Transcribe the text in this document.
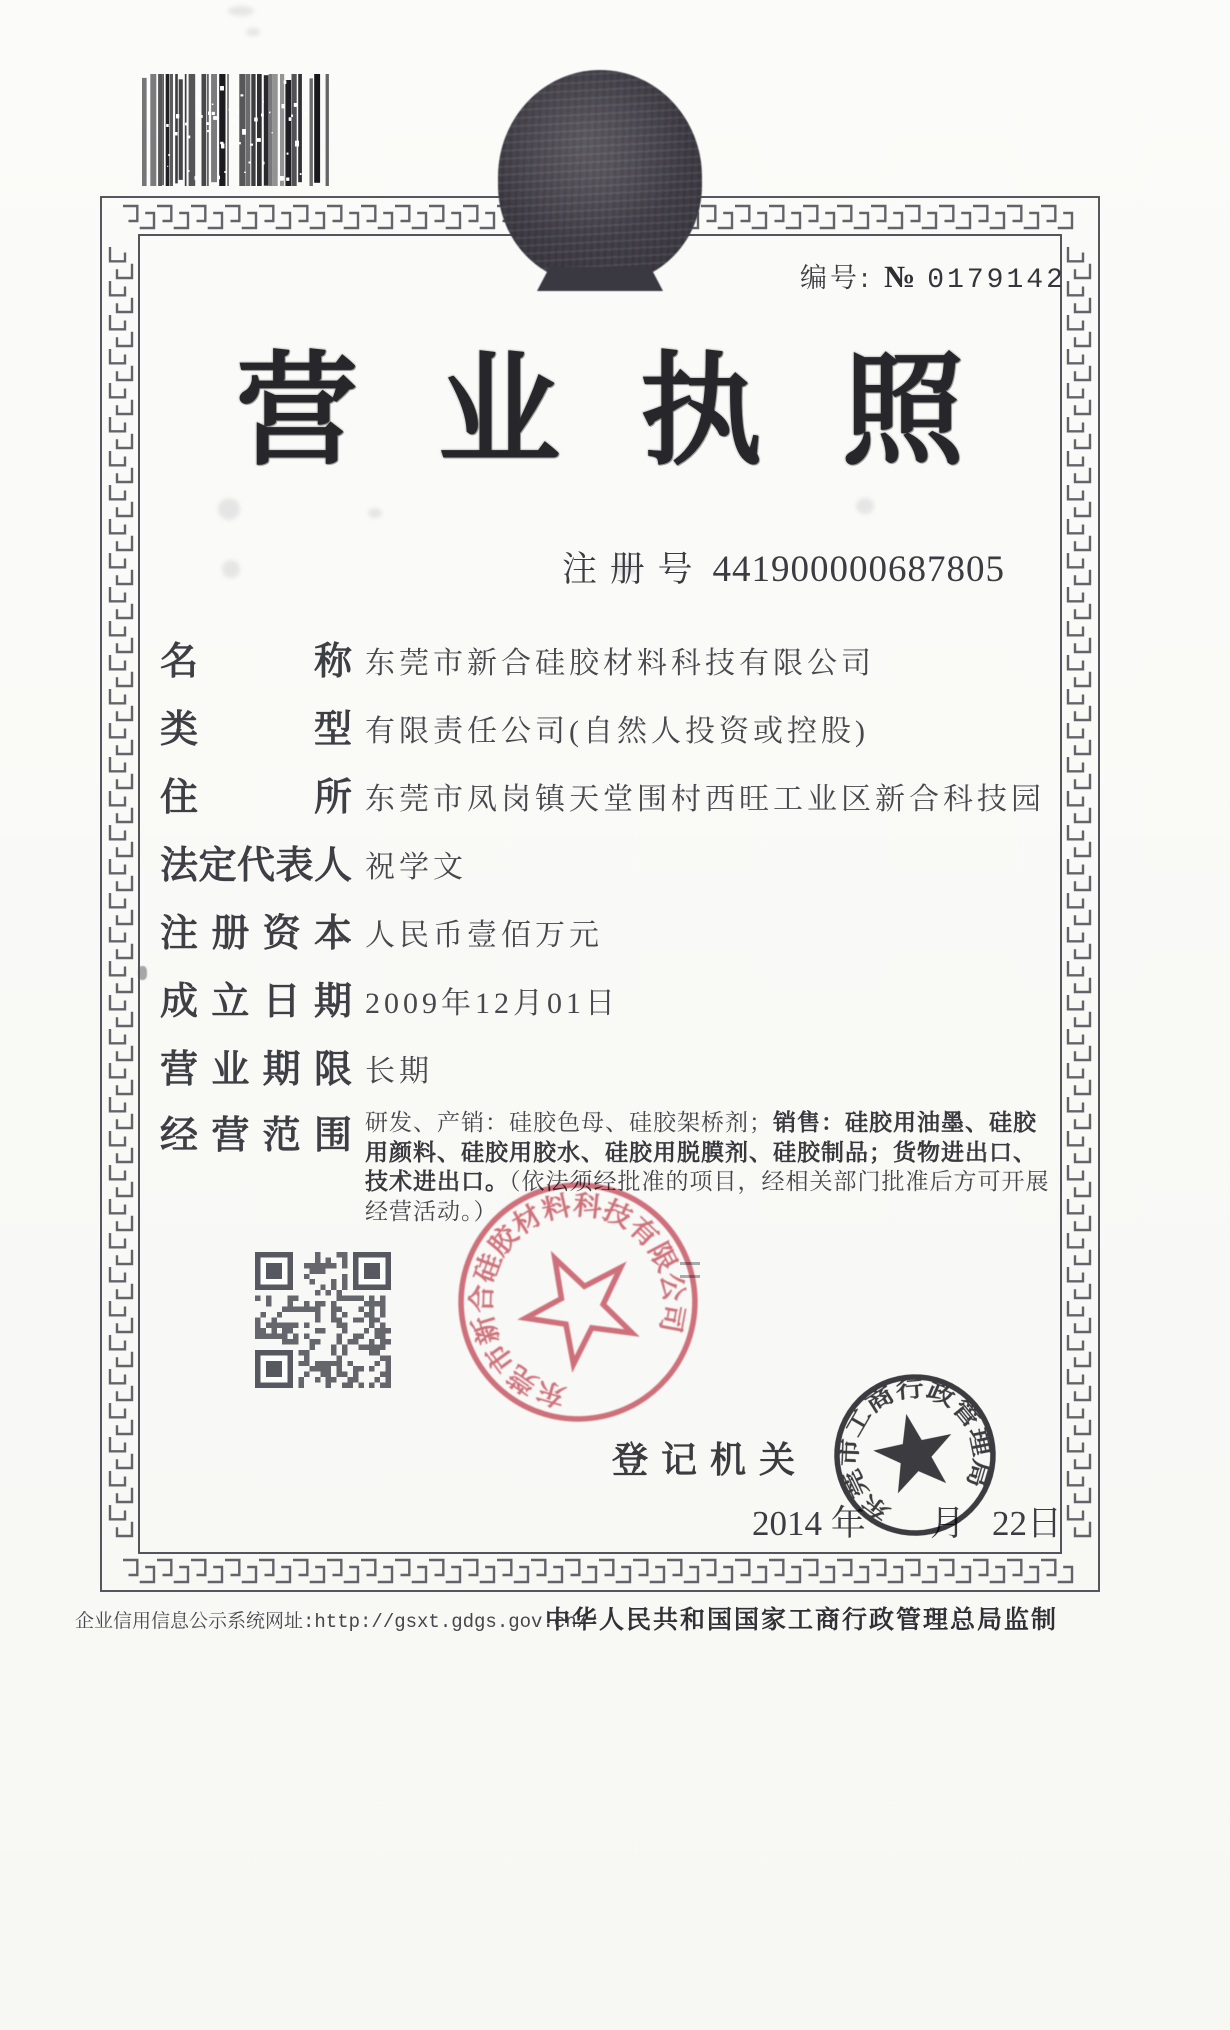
编号: № 0179142
营业执照
注 册 号 441900000687805
名称 东莞市新合硅胶材料科技有限公司
类型 有限责任公司(自然人投资或控股)
住所 东莞市凤岗镇天堂围村西旺工业区新合科技园
法定代表人 祝学文
注册资本 人民币壹佰万元
成立日期 2009年12月01日
营业期限 长期
经营范围 研发、产销：硅胶色母、硅胶架桥剂；销售：硅胶用油墨、硅胶用颜料、硅胶用胶水、硅胶用脱膜剂、硅胶制品；货物进出口、技术进出口。（依法须经批准的项目，经相关部门批准后方可开展经营活动。）
东莞市新合硅胶材料科技有限公司
登 记 机 关
2014 年 月 22日
东莞市工商行政管理局
企业信用信息公示系统网址:http://gsxt.gdgs.gov.cn/
中华人民共和国国家工商行政管理总局监制
